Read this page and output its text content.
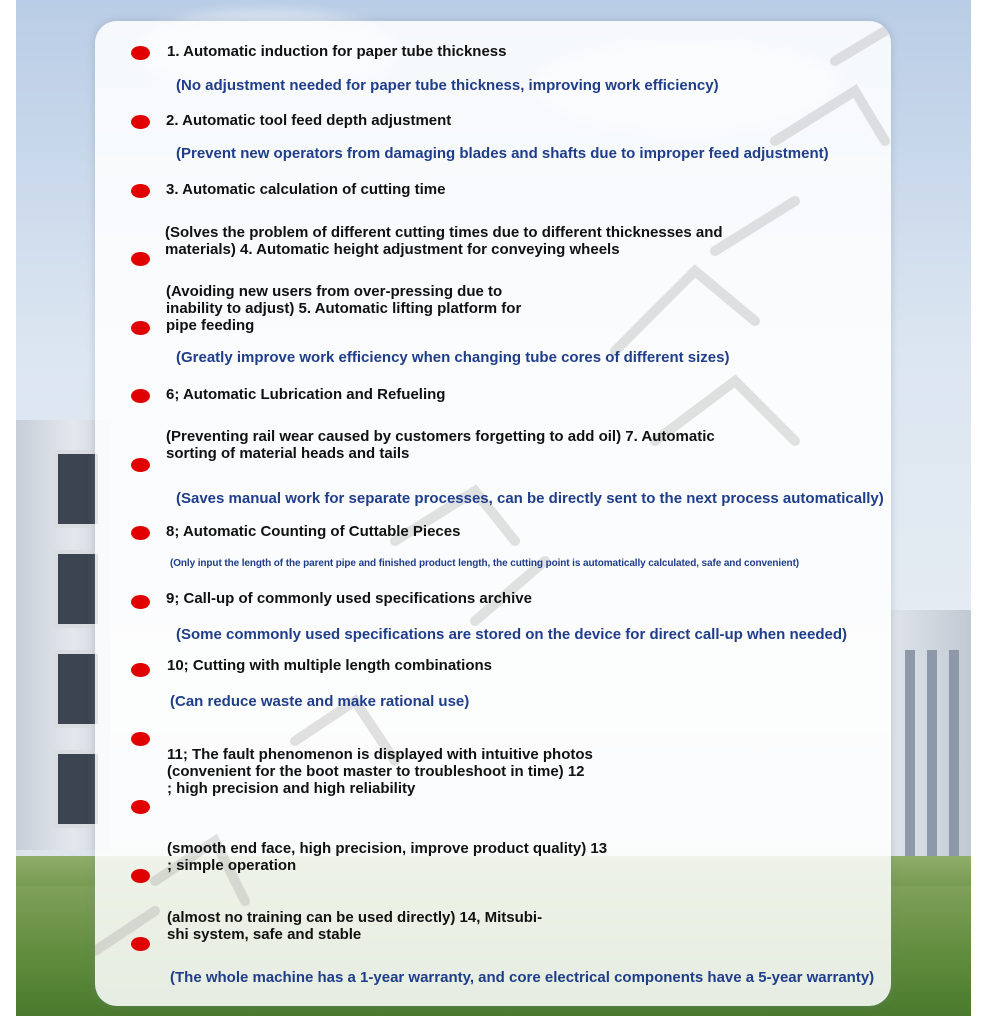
1. Automatic induction for paper tube thickness

(No adjustment needed for paper tube thickness, improving work efficiency)

2. Automatic tool feed depth adjustment

(Prevent new operators from damaging blades and shafts due to improper feed adjustment)

3. Automatic calculation of cutting time

(Solves the problem of different cutting times due to different thicknesses and

materials) 4. Automatic height adjustment for conveying wheels

(Avoiding new users from over-pressing due to

inability to adjust) 5. Automatic lifting platform for

pipe feeding

(Greatly improve work efficiency when changing tube cores of different sizes)

6; Automatic Lubrication and Refueling

(Preventing rail wear caused by customers forgetting to add oil) 7. Automatic

sorting of material heads and tails

(Saves manual work for separate processes, can be directly sent to the next process automatically)

8; Automatic Counting of Cuttable Pieces

(Only input the length of the parent pipe and finished product length, the cutting point is automatically calculated, safe and convenient)

9; Call-up of commonly used specifications archive

(Some commonly used specifications are stored on the device for direct call-up when needed)

10; Cutting with multiple length combinations

(Can reduce waste and make rational use)

11; The fault phenomenon is displayed with intuitive photos

(convenient for the boot master to troubleshoot in time) 12

; high precision and high reliability

(smooth end face, high precision, improve product quality) 13

; simple operation

(almost no training can be used directly) 14, Mitsubi-

shi system, safe and stable

(The whole machine has a 1-year warranty, and core electrical components have a 5-year warranty)
